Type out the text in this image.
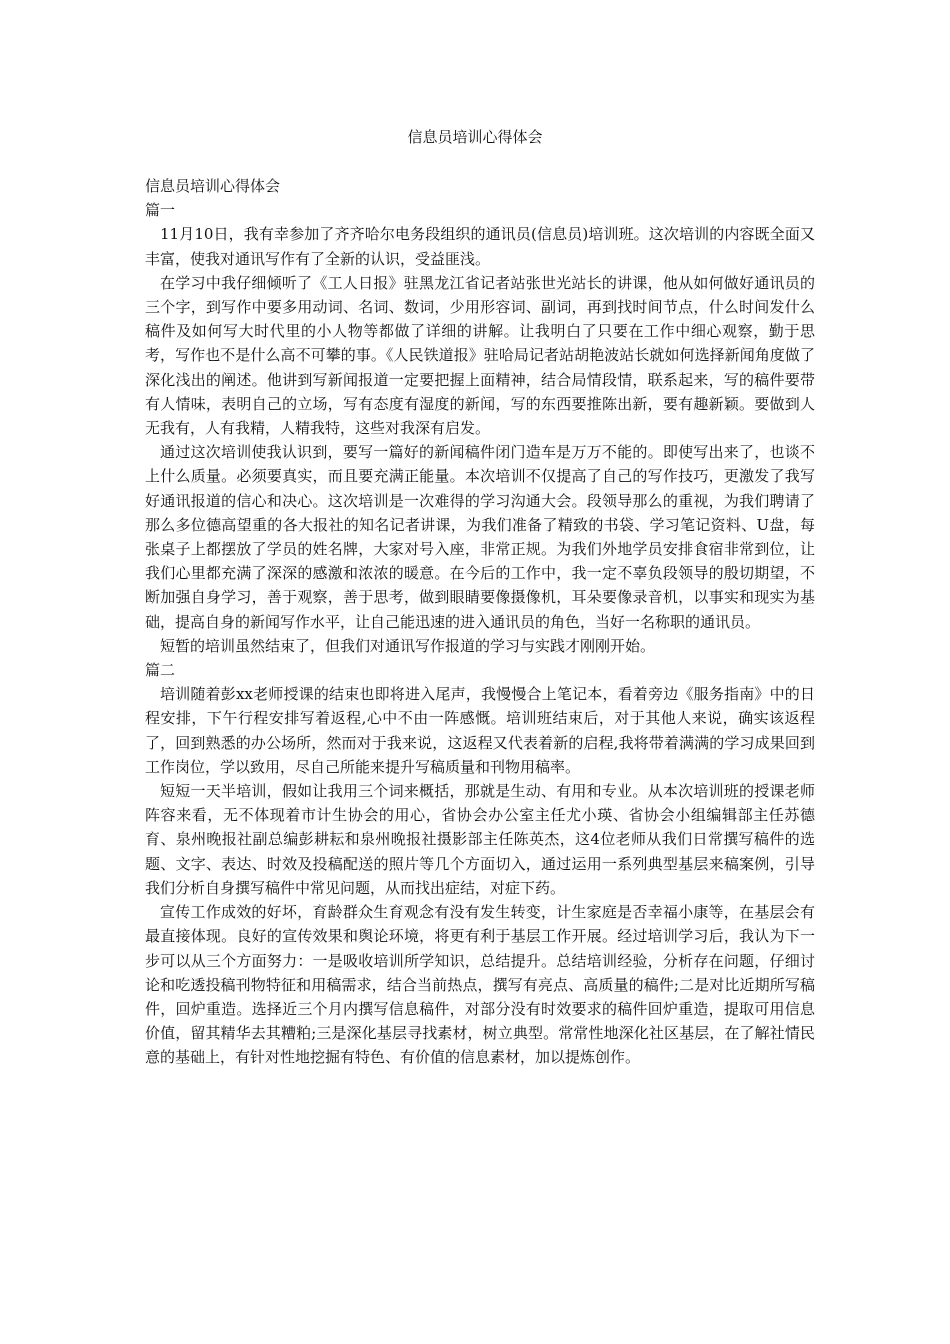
信息员培训心得体会

信息员培训心得体会

篇一

11月10日，我有幸参加了齐齐哈尔电务段组织的通讯员(信息员)培训班。这次培训的内容既全面又丰富，使我对通讯写作有了全新的认识，受益匪浅。

在学习中我仔细倾听了《工人日报》驻黑龙江省记者站张世光站长的讲课，他从如何做好通讯员的三个字，到写作中要多用动词、名词、数词，少用形容词、副词，再到找时间节点，什么时间发什么稿件及如何写大时代里的小人物等都做了详细的讲解。让我明白了只要在工作中细心观察，勤于思考，写作也不是什么高不可攀的事。《人民铁道报》驻哈局记者站胡艳波站长就如何选择新闻角度做了深化浅出的阐述。他讲到写新闻报道一定要把握上面精神，结合局情段情，联系起来，写的稿件要带有人情味，表明自己的立场，写有态度有湿度的新闻，写的东西要推陈出新，要有趣新颖。要做到人无我有，人有我精，人精我特，这些对我深有启发。

通过这次培训使我认识到，要写一篇好的新闻稿件闭门造车是万万不能的。即使写出来了，也谈不上什么质量。必须要真实，而且要充满正能量。本次培训不仅提高了自己的写作技巧，更激发了我写好通讯报道的信心和决心。这次培训是一次难得的学习沟通大会。段领导那么的重视，为我们聘请了那么多位德高望重的各大报社的知名记者讲课，为我们准备了精致的书袋、学习笔记资料、U盘，每张桌子上都摆放了学员的姓名牌，大家对号入座，非常正规。为我们外地学员安排食宿非常到位，让我们心里都充满了深深的感激和浓浓的暖意。在今后的工作中，我一定不辜负段领导的殷切期望，不断加强自身学习，善于观察，善于思考，做到眼睛要像摄像机，耳朵要像录音机，以事实和现实为基础，提高自身的新闻写作水平，让自己能迅速的进入通讯员的角色，当好一名称职的通讯员。

短暂的培训虽然结束了，但我们对通讯写作报道的学习与实践才刚刚开始。

篇二

培训随着彭xx老师授课的结束也即将进入尾声，我慢慢合上笔记本，看着旁边《服务指南》中的日程安排，下午行程安排写着返程,心中不由一阵感慨。培训班结束后，对于其他人来说，确实该返程了，回到熟悉的办公场所，然而对于我来说，这返程又代表着新的启程,我将带着满满的学习成果回到工作岗位，学以致用，尽自己所能来提升写稿质量和刊物用稿率。

短短一天半培训，假如让我用三个词来概括，那就是生动、有用和专业。从本次培训班的授课老师阵容来看，无不体现着市计生协会的用心，省协会办公室主任尤小瑛、省协会小组编辑部主任苏德育、泉州晚报社副总编彭耕耘和泉州晚报社摄影部主任陈英杰，这4位老师从我们日常撰写稿件的选题、文字、表达、时效及投稿配送的照片等几个方面切入，通过运用一系列典型基层来稿案例，引导我们分析自身撰写稿件中常见问题，从而找出症结，对症下药。

宣传工作成效的好坏，育龄群众生育观念有没有发生转变，计生家庭是否幸福小康等，在基层会有最直接体现。良好的宣传效果和舆论环境，将更有利于基层工作开展。经过培训学习后，我认为下一步可以从三个方面努力：一是吸收培训所学知识，总结提升。总结培训经验，分析存在问题，仔细讨论和吃透投稿刊物特征和用稿需求，结合当前热点，撰写有亮点、高质量的稿件;二是对比近期所写稿件，回炉重造。选择近三个月内撰写信息稿件，对部分没有时效要求的稿件回炉重造，提取可用信息价值，留其精华去其糟粕;三是深化基层寻找素材，树立典型。常常性地深化社区基层，在了解社情民意的基础上，有针对性地挖掘有特色、有价值的信息素材，加以提炼创作。
